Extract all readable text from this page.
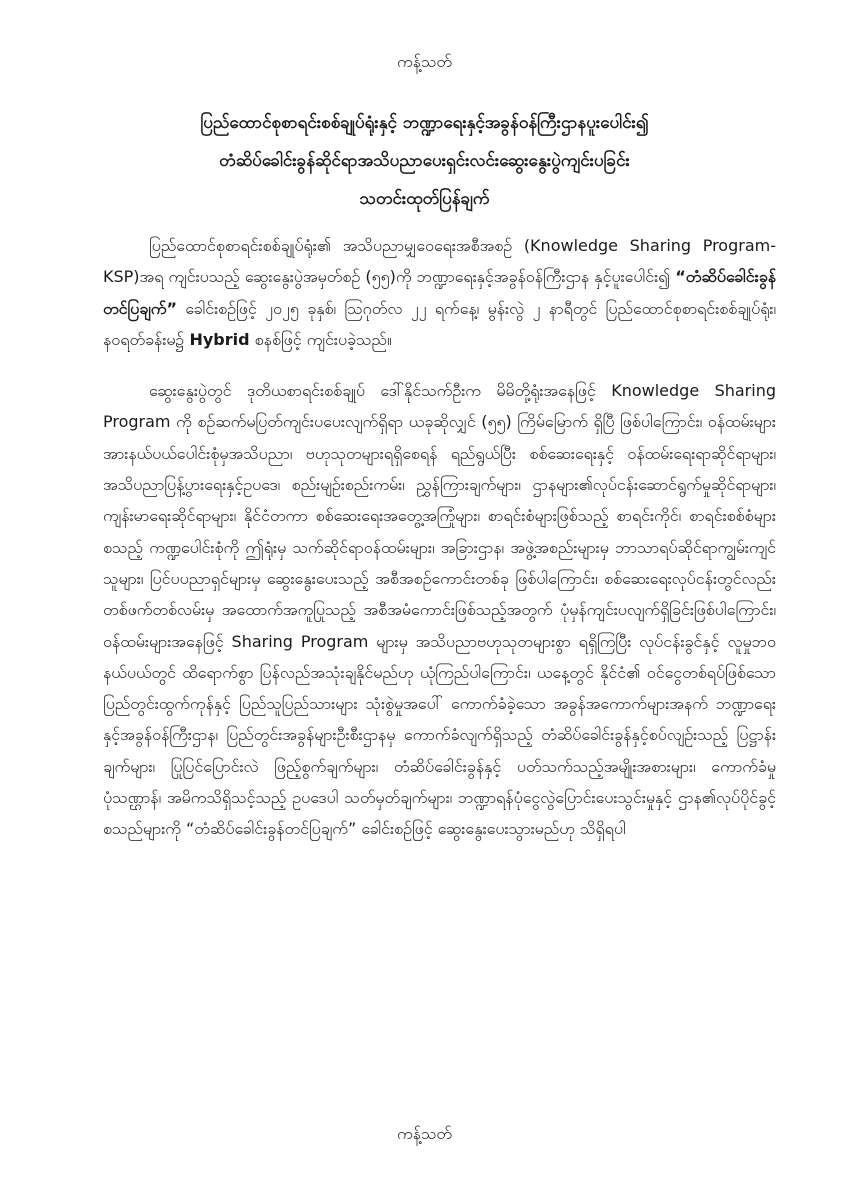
ကန့်သတ်
ပြည်ထောင်စုစာရင်းစစ်ချုပ်ရုံးနှင့် ဘဏ္ဍာရေးနှင့်အခွန်ဝန်ကြီးဌာနပူးပေါင်း၍
တံဆိပ်ခေါင်းခွန်ဆိုင်ရာအသိပညာပေးရှင်းလင်းဆွေးနွေးပွဲကျင်းပခြင်း
သတင်းထုတ်ပြန်ချက်

ပြည်ထောင်စုစာရင်းစစ်ချုပ်ရုံး၏ အသိပညာမျှဝေရေးအစီအစဉ် (Knowledge Sharing Program- KSP)အရ ကျင်းပသည့် ဆွေးနွေးပွဲအမှတ်စဉ် (၅၅)ကို ဘဏ္ဍာရေးနှင့်အခွန်ဝန်ကြီးဌာန နှင့်ပူးပေါင်း၍ “တံဆိပ်ခေါင်းခွန်တင်ပြချက်” ခေါင်းစဉ်ဖြင့် ၂၀၂၅ ခုနှစ်၊ ဩဂုတ်လ ၂၂ ရက်နေ့၊ မွန်းလွဲ ၂ နာရီတွင် ပြည်ထောင်စုစာရင်းစစ်ချုပ်ရုံး၊ နဝရတ်ခန်းမ၌ Hybrid စနစ်ဖြင့် ကျင်းပခဲ့သည်။

ဆွေးနွေးပွဲတွင် ဒုတိယစာရင်းစစ်ချုပ် ဒေါ်နိုင်သက်ဦးက မိမိတို့ရုံးအနေဖြင့် Knowledge Sharing Program ကို စဉ်ဆက်မပြတ်ကျင်းပပေးလျက်ရှိရာ ယခုဆိုလျှင် (၅၅) ကြိမ်မြောက် ရှိပြီ ဖြစ်ပါကြောင်း၊ ဝန်ထမ်းများအားနယ်ပယ်ပေါင်းစုံမှအသိပညာ၊ ဗဟုသုတများရရှိစေရန် ရည်ရွယ်ပြီး စစ်ဆေးရေးနှင့် ဝန်ထမ်းရေးရာဆိုင်ရာများ၊ အသိပညာပြန့်ပွားရေးနှင့်ဥပဒေ၊ စည်းမျဉ်းစည်းကမ်း၊ ညွှန်ကြားချက်များ၊ ဌာနများ၏လုပ်ငန်းဆောင်ရွက်မှုဆိုင်ရာများ၊ ကျန်းမာရေးဆိုင်ရာများ၊ နိုင်ငံတကာ စစ်ဆေးရေးအတွေ့အကြုံများ၊ စာရင်းစံများဖြစ်သည့် စာရင်းကိုင်၊ စာရင်းစစ်စံများ စသည့် ကဏ္ဍပေါင်းစုံကို ဤရုံးမှ သက်ဆိုင်ရာဝန်ထမ်းများ၊ အခြားဌာန၊ အဖွဲ့အစည်းများမှ ဘာသာရပ်ဆိုင်ရာကျွမ်းကျင်သူများ၊ ပြင်ပပညာရှင်များမှ ဆွေးနွေးပေးသည့် အစီအစဉ်ကောင်းတစ်ခု ဖြစ်ပါကြောင်း၊ စစ်ဆေးရေးလုပ်ငန်းတွင်လည်း တစ်ဖက်တစ်လမ်းမှ အထောက်အကူပြုသည့် အစီအမံကောင်းဖြစ်သည့်အတွက် ပုံမှန်ကျင်းပလျက်ရှိခြင်းဖြစ်ပါကြောင်း၊ ဝန်ထမ်းများအနေဖြင့် Sharing Program များမှ အသိပညာဗဟုသုတများစွာ ရရှိကြပြီး လုပ်ငန်းခွင်နှင့် လူမှုဘဝနယ်ပယ်တွင် ထိရောက်စွာ ပြန်လည်အသုံးချနိုင်မည်ဟု ယုံကြည်ပါကြောင်း၊ ယနေ့တွင် နိုင်ငံ၏ ဝင်ငွေတစ်ရပ်ဖြစ်သော ပြည်တွင်းထွက်ကုန်နှင့် ပြည်သူပြည်သားများ သုံးစွဲမှုအပေါ် ကောက်ခံခဲ့သော အခွန်အကောက်များအနက် ဘဏ္ဍာရေးနှင့်အခွန်ဝန်ကြီးဌာန၊ ပြည်တွင်းအခွန်များဦးစီးဌာနမှ ကောက်ခံလျက်ရှိသည့် တံဆိပ်ခေါင်းခွန်နှင့်စပ်လျဉ်းသည့် ပြဋ္ဌာန်းချက်များ၊ ပြုပြင်ပြောင်းလဲ ဖြည့်စွက်ချက်များ၊ တံဆိပ်ခေါင်းခွန်နှင့် ပတ်သက်သည့်အမျိုးအစားများ၊ ကောက်ခံမှုပုံသဏ္ဌာန်၊ အမိကသိရှိသင့်သည့် ဥပဒေပါ သတ်မှတ်ချက်များ၊ ဘဏ္ဍာရန်ပုံငွေလွဲပြောင်းပေးသွင်းမှုနှင့် ဌာန၏လုပ်ပိုင်ခွင့် စသည်များကို “တံဆိပ်ခေါင်းခွန်တင်ပြချက်” ခေါင်းစဉ်ဖြင့် ဆွေးနွေးပေးသွားမည်ဟု သိရှိရပါ

ကန့်သတ်
